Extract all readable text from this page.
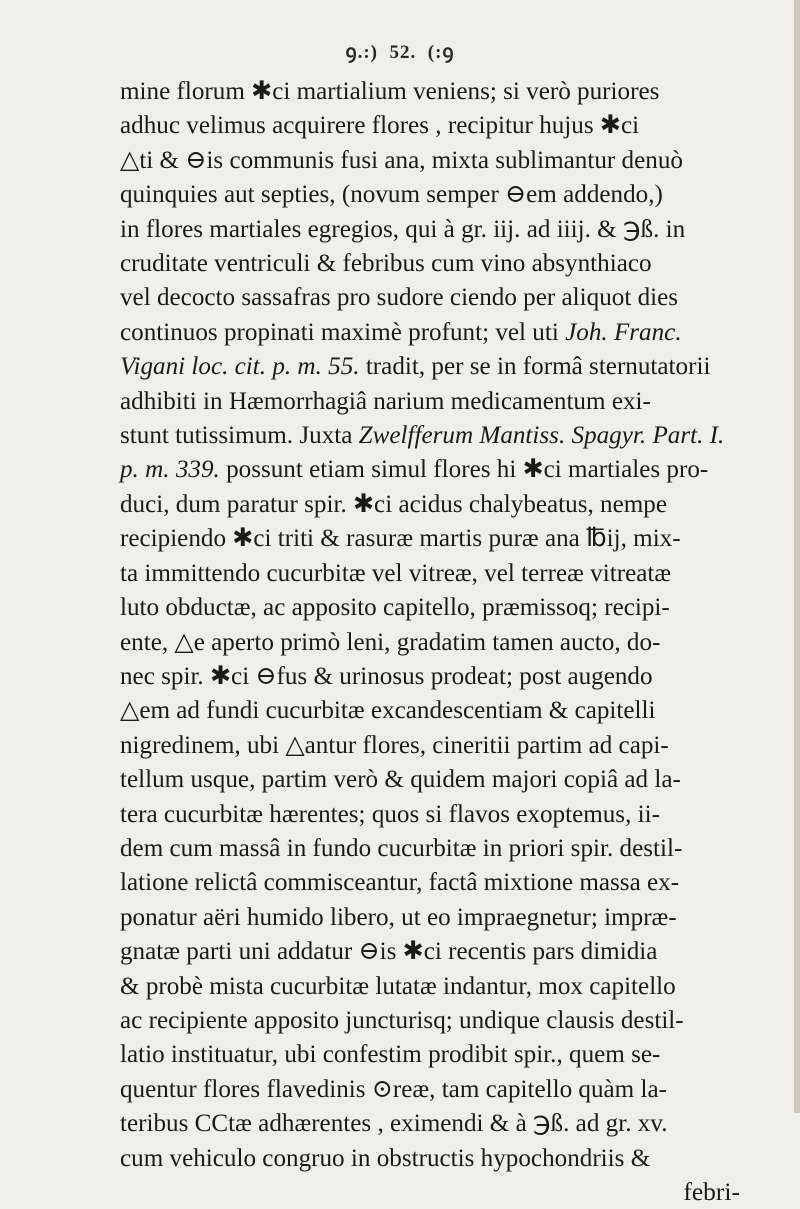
ꝯ.:) 52. (:ꝯ
mine florum ✱ci martialium veniens; si verò puriores
adhuc velimus acquirere flores , recipitur hujus ✱ci
△ti & ⊖is communis fusi ana, mixta sublimantur denuò
quinquies aut septies, (novum semper ⊖em addendo,)
in flores martiales egregios, qui à gr. iij. ad iiij. & ℈ß. in
cruditate ventriculi & febribus cum vino absynthiaco
vel decocto sassafras pro sudore ciendo per aliquot dies
continuos propinati maximè profunt; vel uti Joh. Franc.
Vigani loc. cit. p. m. 55. tradit, per se in formâ sternutatorii
adhibiti in Hæmorrhagiâ narium medicamentum exi-
stunt tutissimum. Juxta Zwelfferum Mantiss. Spagyr. Part. I.
p. m. 339. possunt etiam simul flores hi ✱ci martiales pro-
duci, dum paratur spir. ✱ci acidus chalybeatus, nempe
recipiendo ✱ci triti & rasuræ martis puræ ana ℔ij, mix-
ta immittendo cucurbitæ vel vitreæ, vel terreæ vitreatæ
luto obductæ, ac apposito capitello, præmissoq; recipi-
ente, △e aperto primò leni, gradatim tamen aucto, do-
nec spir. ✱ci ⊖fus & urinosus prodeat; post augendo
△em ad fundi cucurbitæ excandescentiam & capitelli
nigredinem, ubi △antur flores, cineritii partim ad capi-
tellum usque, partim verò & quidem majori copiâ ad la-
tera cucurbitæ hærentes; quos si flavos exoptemus, ii-
dem cum massâ in fundo cucurbitæ in priori spir. destil-
latione relictâ commisceantur, factâ mixtione massa ex-
ponatur aëri humido libero, ut eo impraegnetur; impræ-
gnatæ parti uni addatur ⊖is ✱ci recentis pars dimidia
& probè mista cucurbitæ lutatæ indantur, mox capitello
ac recipiente apposito juncturisq; undique clausis destil-
latio instituatur, ubi confestim prodibit spir., quem se-
quentur flores flavedinis ⊙reæ, tam capitello quàm la-
teribus CCtæ adhærentes , eximendi & à ℈ß. ad gr. xv.
cum vehiculo congruo in obstructis hypochondriis &
febri-
